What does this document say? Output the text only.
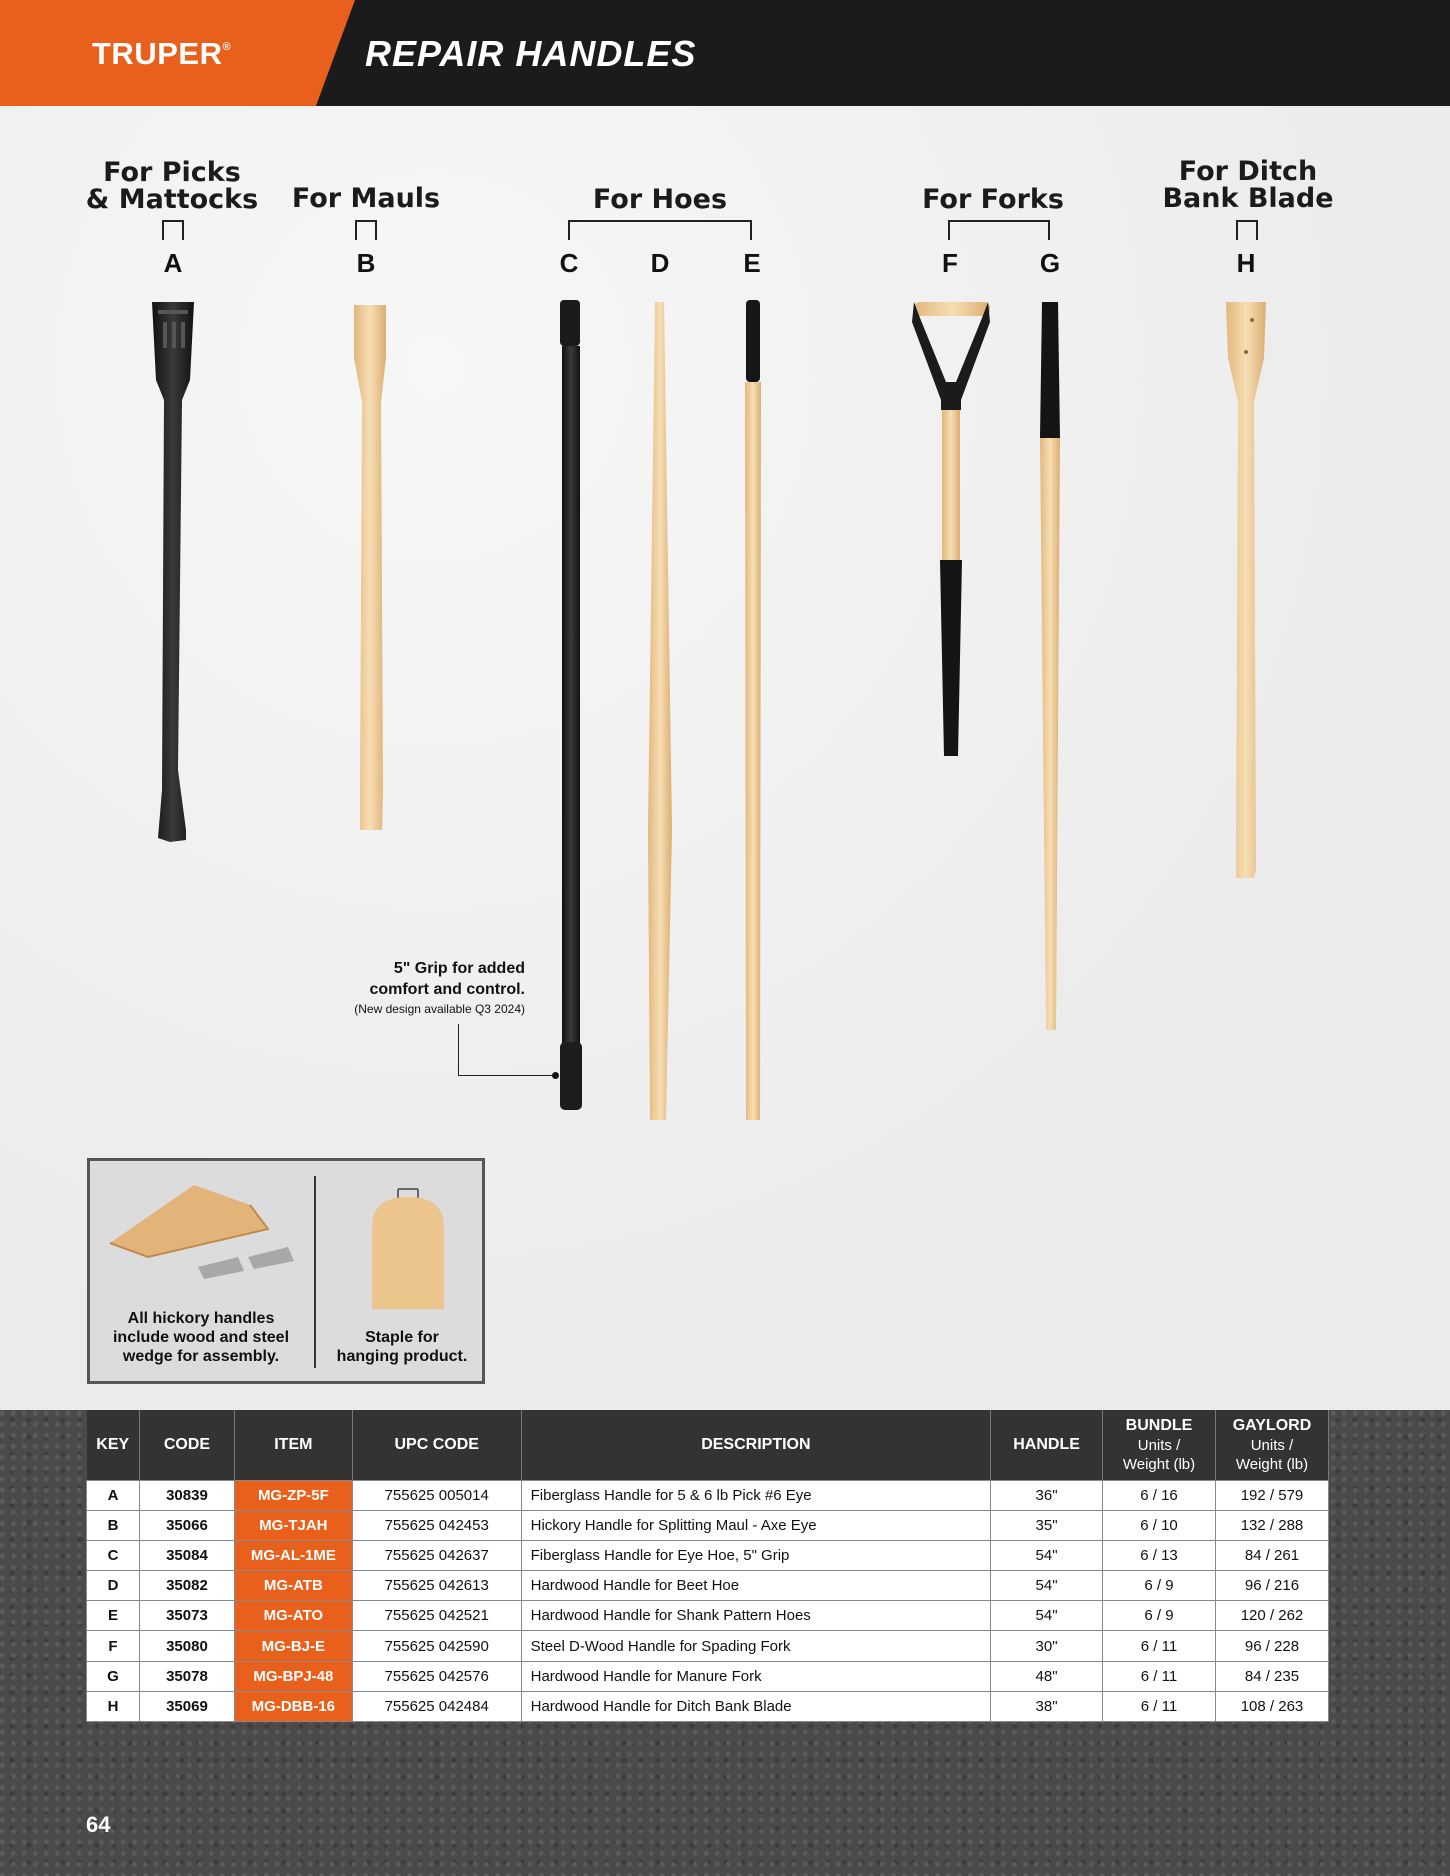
TRUPER®	REPAIR HANDLES
For Picks
& Mattocks	For Mauls	For Hoes	For Forks
For Ditch
Bank Blade
A	B	C	D	E	F	G	H
5" Grip for added
comfort and control.
(New design available Q3 2024)
All hickory handles
include wood and steel
wedge for assembly.
Staple for
hanging product.
KEY	CODE	ITEM	UPC CODE	DESCRIPTION	HANDLE	BUNDLE
Units /
Weight (lb)	GAYLORD
Units /
Weight (lb)

A	30839	MG-ZP-5F	755625 005014	Fiberglass Handle for 5 & 6 lb Pick #6 Eye	36"	6 / 16	192 / 579
B	35066	MG-TJAH	755625 042453	Hickory Handle for Splitting Maul - Axe Eye	35"	6 / 10	132 / 288
C	35084	MG-AL-1ME	755625 042637	Fiberglass Handle for Eye Hoe, 5" Grip	54"	6 / 13	84 / 261
D	35082	MG-ATB	755625 042613	Hardwood Handle for Beet Hoe	54"	6 / 9	96 / 216
E	35073	MG-ATO	755625 042521	Hardwood Handle for Shank Pattern Hoes	54"	6 / 9	120 / 262
F	35080	MG-BJ-E	755625 042590	Steel D-Wood Handle for Spading Fork	30"	6 / 11	96 / 228
G	35078	MG-BPJ-48	755625 042576	Hardwood Handle for Manure Fork	48"	6 / 11	84 / 235
H	35069	MG-DBB-16	755625 042484	Hardwood Handle for Ditch Bank Blade	38"	6 / 11	108 / 263
64
